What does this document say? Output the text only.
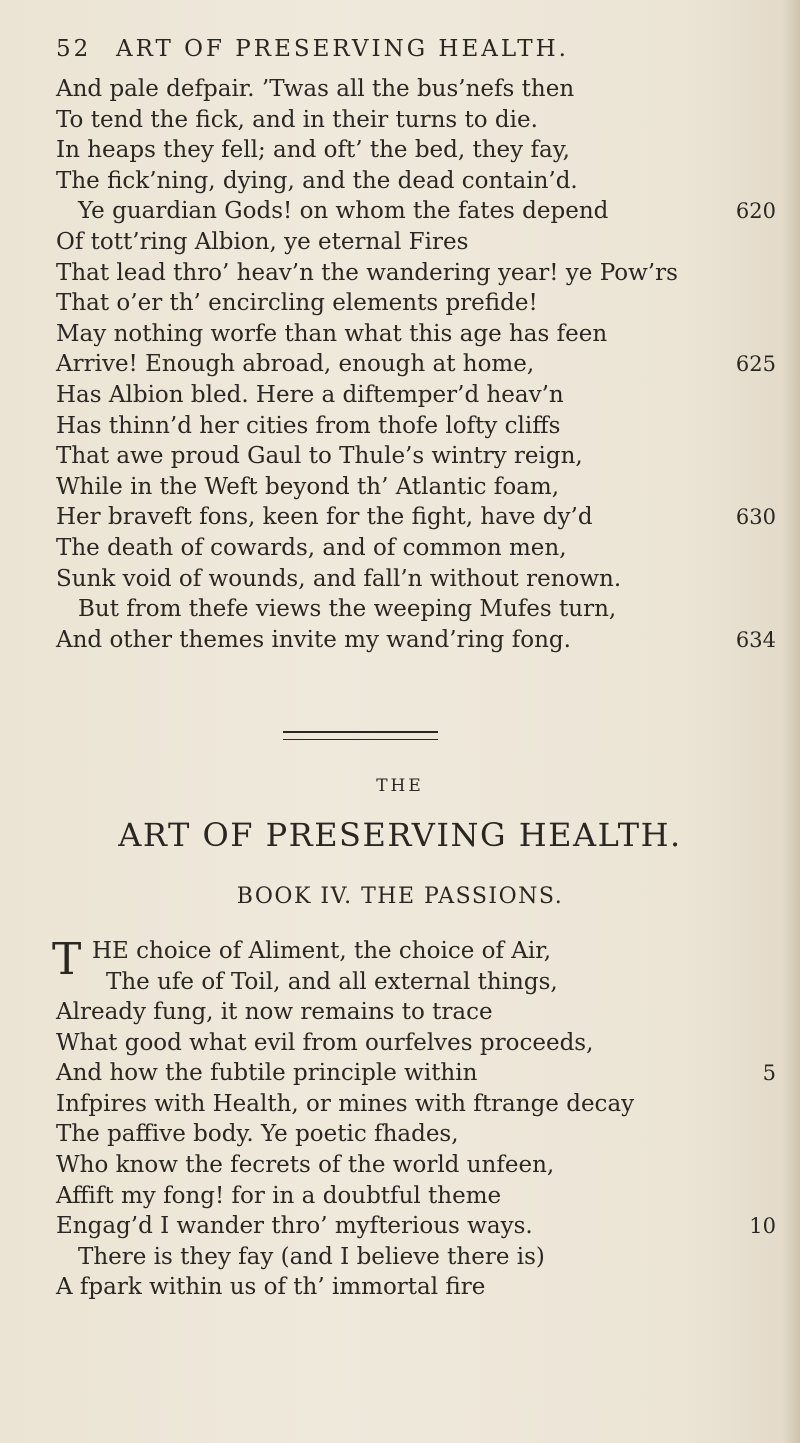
52 ART OF PRESERVING HEALTH.
And pale defpair. ’Twas all the bus’nefs then
To tend the fick, and in their turns to die.
In heaps they fell; and oft’ the bed, they fay,
The fick’ning, dying, and the dead contain’d.
Ye guardian Gods! on whom the fates depend	620
Of tott’ring Albion, ye eternal Fires
That lead thro’ heav’n the wandering year! ye Pow’rs
That o’er th’ encircling elements prefide!
May nothing worfe than what this age has feen
Arrive! Enough abroad, enough at home,	625
Has Albion bled. Here a diftemper’d heav’n
Has thinn’d her cities from thofe lofty cliffs
That awe proud Gaul to Thule’s wintry reign,
While in the Weft beyond th’ Atlantic foam,
Her braveft fons, keen for the fight, have dy’d	630
The death of cowards, and of common men,
Sunk void of wounds, and fall’n without renown.
But from thefe views the weeping Mufes turn,
And other themes invite my wand’ring fong.	634
THE
ART OF PRESERVING HEALTH.
BOOK IV. THE PASSIONS.
T HE choice of Aliment, the choice of Air,
The ufe of Toil, and all external things,
Already fung, it now remains to trace
What good what evil from ourfelves proceeds,
And how the fubtile principle within	5
Infpires with Health, or mines with ftrange decay
The paffive body. Ye poetic fhades,
Who know the fecrets of the world unfeen,
Affift my fong! for in a doubtful theme
Engag’d I wander thro’ myfterious ways.	10
There is they fay (and I believe there is)
A fpark within us of th’ immortal fire
